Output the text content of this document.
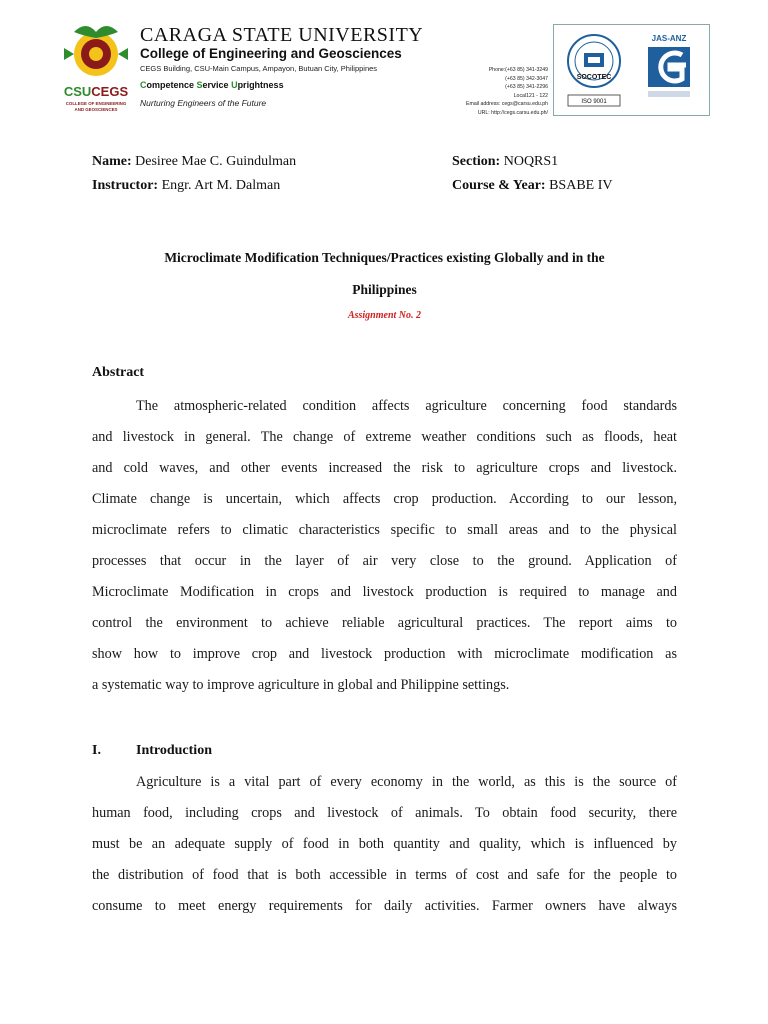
CSUCEGS
COLLEGE OF ENGINEERING
AND GEOSCIENCES
CARAGA STATE UNIVERSITY
College of Engineering and Geosciences
CEGS Building, CSU-Main Campus, Ampayon, Butuan City, Philippines
Competence Service Uprightness
Nurturing Engineers of the Future
Phone:(+63 85) 341-3249
(+63 85) 342-3047
(+63 85) 341-2296
Local121 - 122
Email address: cegs@carsu.edu.ph
URL: http://cegs.carsu.edu.ph/
SOCOTEC
ISO 9001
JAS-ANZ
Name: Desiree Mae C. Guindulman
Instructor: Engr. Art M. Dalman
Section: NOQRS1
Course & Year: BSABE IV
Microclimate Modification Techniques/Practices existing Globally and in the
Philippines
Assignment No. 2
Abstract
The atmospheric-related condition affects agriculture concerning food standards
and livestock in general. The change of extreme weather conditions such as floods, heat
and cold waves, and other events increased the risk to agriculture crops and livestock.
Climate change is uncertain, which affects crop production. According to our lesson,
microclimate refers to climatic characteristics specific to small areas and to the physical
processes that occur in the layer of air very close to the ground. Application of
Microclimate Modification in crops and livestock production is required to manage and
control the environment to achieve reliable agricultural practices. The report aims to
show how to improve crop and livestock production with microclimate modification as
a systematic way to improve agriculture in global and Philippine settings.
I.	Introduction
Agriculture is a vital part of every economy in the world, as this is the source of
human food, including crops and livestock of animals. To obtain food security, there
must be an adequate supply of food in both quantity and quality, which is influenced by
the distribution of food that is both accessible in terms of cost and safe for the people to
consume to meet energy requirements for daily activities. Farmer owners have always
